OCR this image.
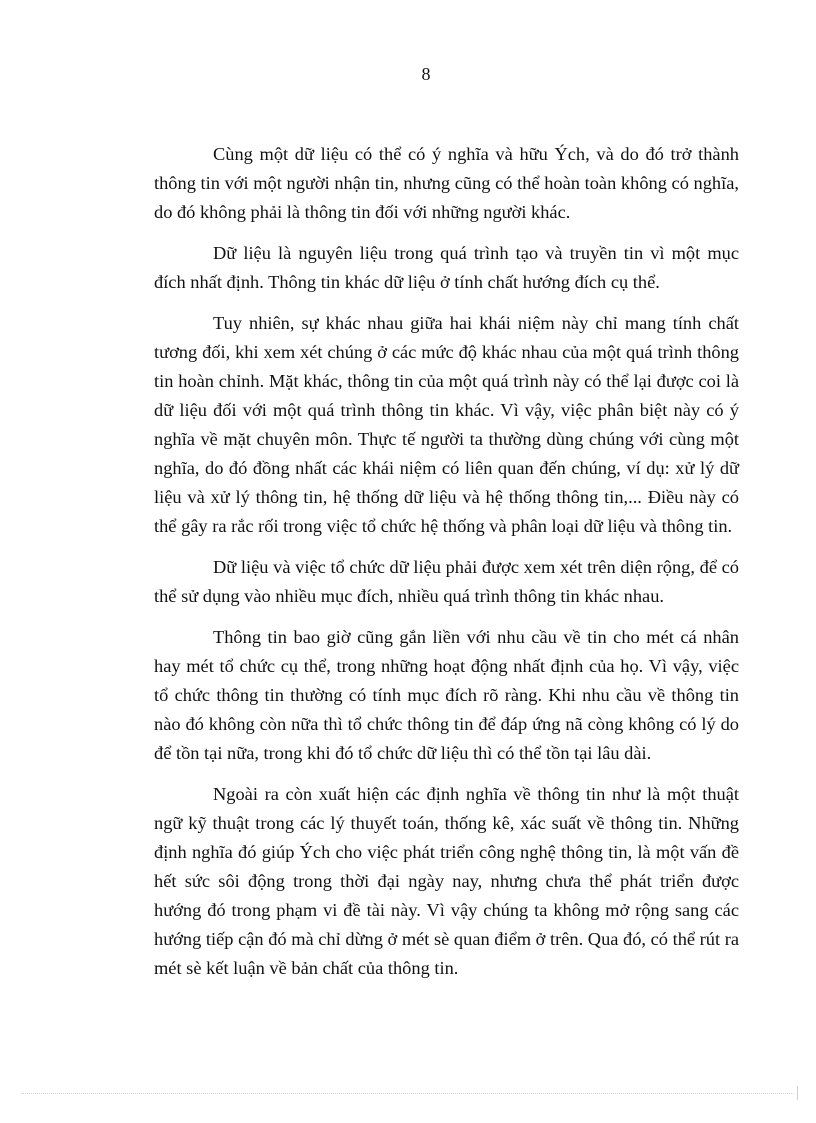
8

Cùng một dữ liệu có thể có ý nghĩa và hữu Ých, và do đó trở thành thông tin với một người nhận tin, nhưng cũng có thể hoàn toàn không có nghĩa, do đó không phải là thông tin đối với những người khác.

Dữ liệu là nguyên liệu trong quá trình tạo và truyền tin vì một mục đích nhất định. Thông tin khác dữ liệu ở tính chất hướng đích cụ thể.

Tuy nhiên, sự khác nhau giữa hai khái niệm này chỉ mang tính chất tương đối, khi xem xét chúng ở các mức độ khác nhau của một quá trình thông tin hoàn chỉnh. Mặt khác, thông tin của một quá trình này có thể lại được coi là dữ liệu đối với một quá trình thông tin khác. Vì vậy, việc phân biệt này có ý nghĩa về mặt chuyên môn. Thực tế người ta thường dùng chúng với cùng một nghĩa, do đó đồng nhất các khái niệm có liên quan đến chúng, ví dụ: xử lý dữ liệu và xử lý thông tin, hệ thống dữ liệu và hệ thống thông tin,... Điều này có thể gây ra rắc rối trong việc tổ chức hệ thống và phân loại dữ liệu và thông tin.

Dữ liệu và việc tổ chức dữ liệu phải được xem xét trên diện rộng, để có thể sử dụng vào nhiều mục đích, nhiều quá trình thông tin khác nhau.

Thông tin bao giờ cũng gắn liền với nhu cầu về tin cho mét cá nhân hay mét tổ chức cụ thể, trong những hoạt động nhất định của họ. Vì vậy, việc tổ chức thông tin thường có tính mục đích rõ ràng. Khi nhu cầu về thông tin nào đó không còn nữa thì tổ chức thông tin để đáp ứng nã còng không có lý do để tồn tại nữa, trong khi đó tổ chức dữ liệu thì có thể tồn tại lâu dài.

Ngoài ra còn xuất hiện các định nghĩa về thông tin như là một thuật ngữ kỹ thuật trong các lý thuyết toán, thống kê, xác suất về thông tin. Những định nghĩa đó giúp Ých cho việc phát triển công nghệ thông tin, là một vấn đề hết sức sôi động trong thời đại ngày nay, nhưng chưa thể phát triển được hướng đó trong phạm vi đề tài này. Vì vậy chúng ta không mở rộng sang các hướng tiếp cận đó mà chỉ dừng ở mét sè quan điểm ở trên. Qua đó, có thể rút ra mét sè kết luận về bản chất của thông tin.
